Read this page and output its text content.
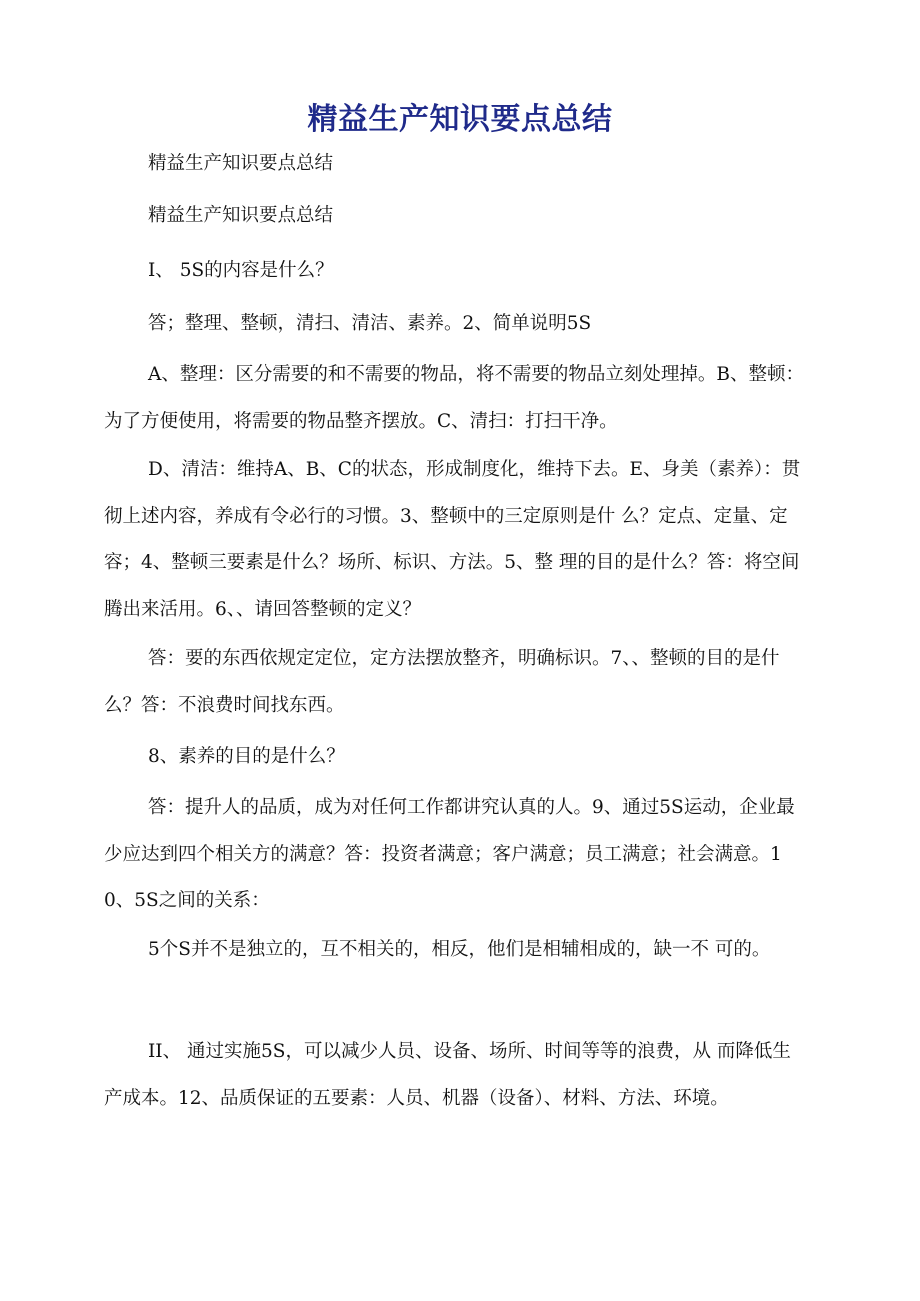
精益生产知识要点总结
精益生产知识要点总结
精益生产知识要点总结
I、 5S的内容是什么？
答；整理、整顿，清扫、清洁、素养。2、简单说明5S
A、整理：区分需要的和不需要的物品，将不需要的物品立刻处理掉。B、整顿：为了方便使用，将需要的物品整齐摆放。C、清扫：打扫干净。
D、清洁：维持A、B、C的状态，形成制度化，维持下去。E、身美（素养）：贯彻上述内容，养成有令必行的习惯。3、整顿中的三定原则是什 么？定点、定量、定容；4、整顿三要素是什么？场所、标识、方法。5、整 理的目的是什么？答：将空间腾出来活用。6、、请回答整顿的定义？
答：要的东西依规定定位，定方法摆放整齐，明确标识。7、、整顿的目的是什么？答：不浪费时间找东西。
8、素养的目的是什么？
答：提升人的品质，成为对任何工作都讲究认真的人。9、通过5S运动，企业最少应达到四个相关方的满意？答：投资者满意；客户满意；员工满意；社会满意。10、5S之间的关系：
5个S并不是独立的，互不相关的，相反，他们是相辅相成的，缺一不 可的。
II、 通过实施5S，可以减少人员、设备、场所、时间等等的浪费，从 而降低生产成本。12、品质保证的五要素：人员、机器（设备）、材料、方法、环境。
